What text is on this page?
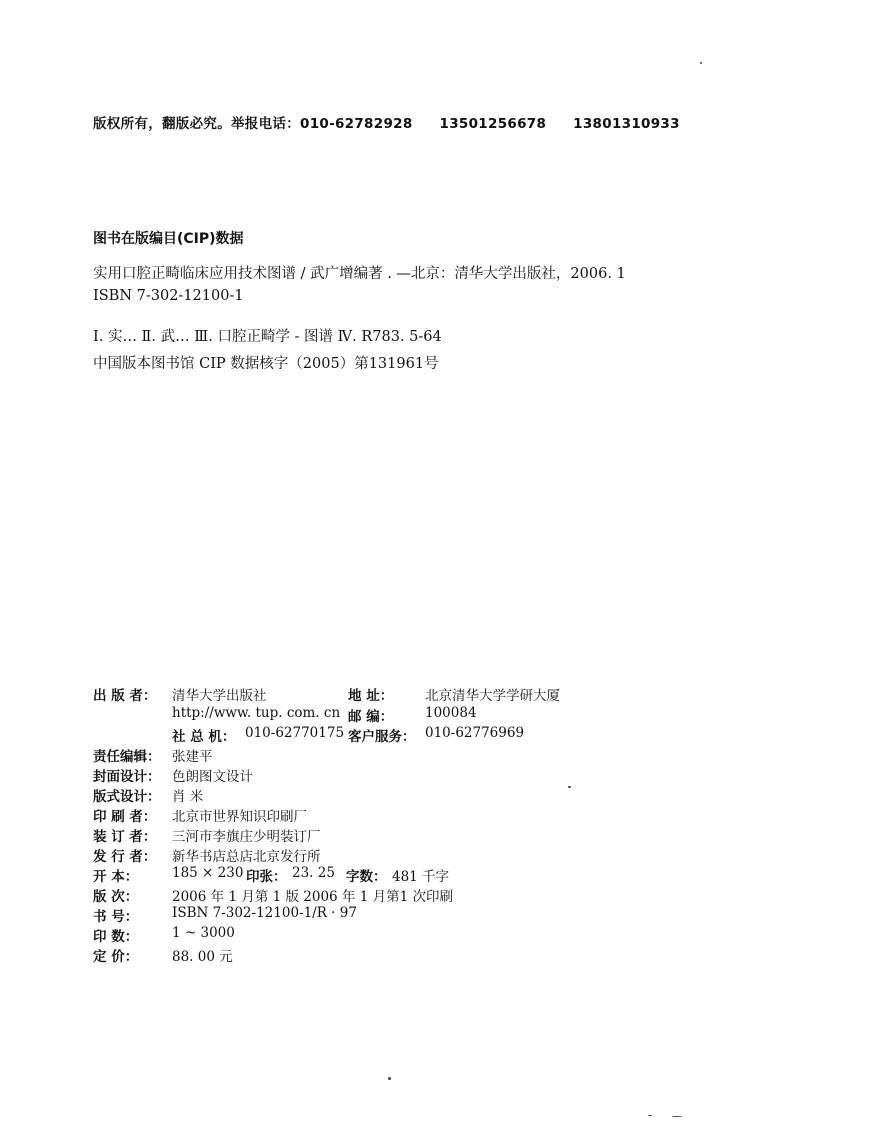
版权所有，翻版必究。举报电话：010-62782928 13501256678 13801310933
图书在版编目(CIP)数据
实用口腔正畸临床应用技术图谱 / 武广增编著 . —北京：清华大学出版社，2006. 1
ISBN 7-302-12100-1
Ⅰ. 实… Ⅱ. 武… Ⅲ. 口腔正畸学 - 图谱 Ⅳ. R783. 5-64
中国版本图书馆 CIP 数据核字（2005）第131961号
出 版 者： 清华大学出版社	地 址： 北京清华大学学研大厦
http://www. tup. com. cn 邮 编： 100084
社 总 机： 010-62770175 客户服务： 010-62776969
责任编辑： 张建平
封面设计： 色朗图文设计
版式设计： 肖 米
印 刷 者： 北京市世界知识印刷厂
装 订 者： 三河市李旗庄少明装订厂
发 行 者： 新华书店总店北京发行所
开 本：	185 × 230 印张： 23. 25 字数： 481 千字
版 次：	2006 年 1 月第 1 版 2006 年 1 月第1 次印刷
书 号：	ISBN 7-302-12100-1/R · 97
印 数：	1 ~ 3000
定 价：	88. 00 元
